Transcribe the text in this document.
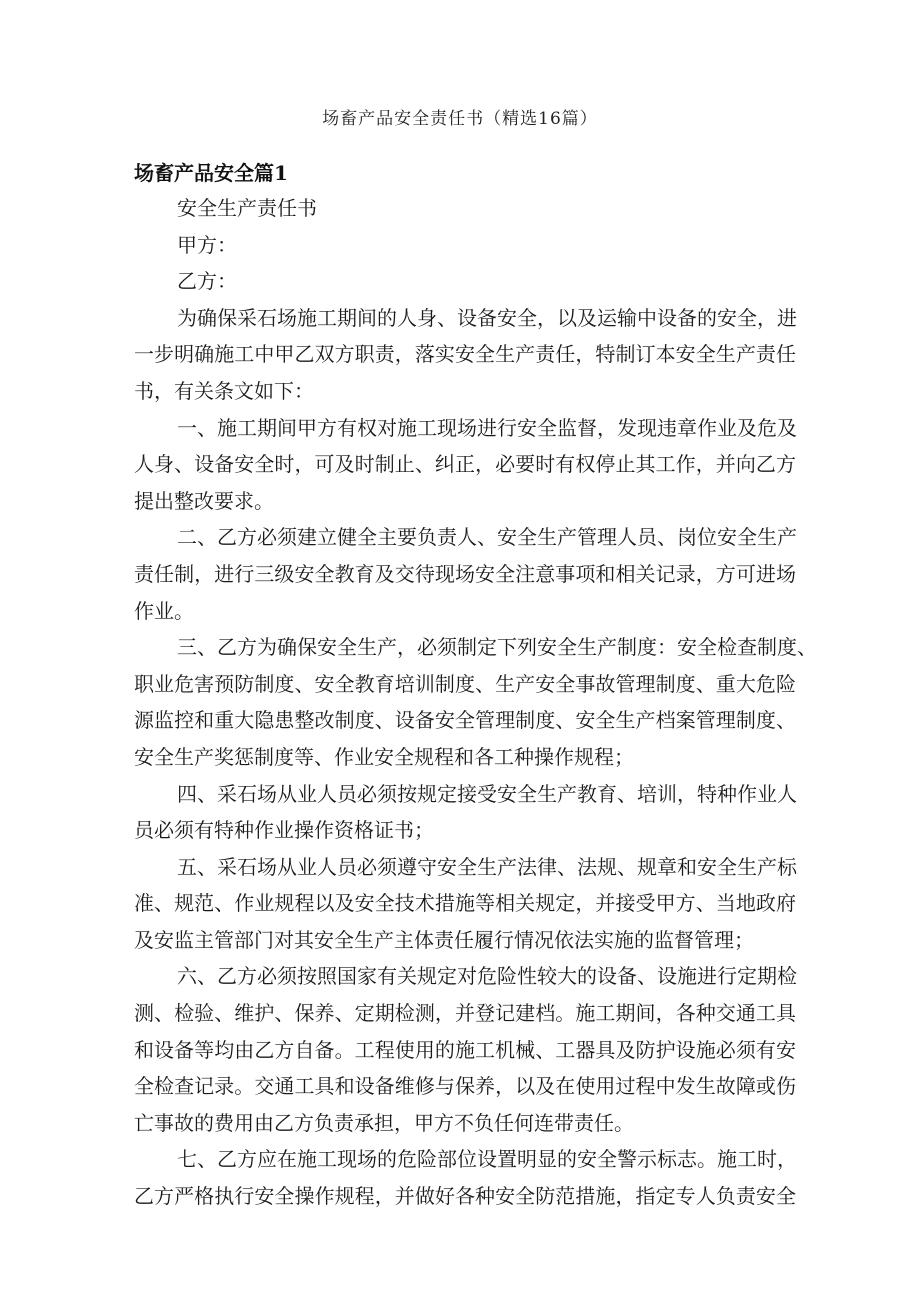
场畜产品安全责任书（精选16篇）
场畜产品安全篇1
安全生产责任书
甲方：
乙方：
为确保采石场施工期间的人身、设备安全，以及运输中设备的安全，进
一步明确施工中甲乙双方职责，落实安全生产责任，特制订本安全生产责任
书，有关条文如下：
一、施工期间甲方有权对施工现场进行安全监督，发现违章作业及危及
人身、设备安全时，可及时制止、纠正，必要时有权停止其工作，并向乙方
提出整改要求。
二、乙方必须建立健全主要负责人、安全生产管理人员、岗位安全生产
责任制，进行三级安全教育及交待现场安全注意事项和相关记录，方可进场
作业。
三、乙方为确保安全生产，必须制定下列安全生产制度：安全检查制度、
职业危害预防制度、安全教育培训制度、生产安全事故管理制度、重大危险
源监控和重大隐患整改制度、设备安全管理制度、安全生产档案管理制度、
安全生产奖惩制度等、作业安全规程和各工种操作规程；
四、采石场从业人员必须按规定接受安全生产教育、培训，特种作业人
员必须有特种作业操作资格证书；
五、采石场从业人员必须遵守安全生产法律、法规、规章和安全生产标
准、规范、作业规程以及安全技术措施等相关规定，并接受甲方、当地政府
及安监主管部门对其安全生产主体责任履行情况依法实施的监督管理；
六、乙方必须按照国家有关规定对危险性较大的设备、设施进行定期检
测、检验、维护、保养、定期检测，并登记建档。施工期间，各种交通工具
和设备等均由乙方自备。工程使用的施工机械、工器具及防护设施必须有安
全检查记录。交通工具和设备维修与保养，以及在使用过程中发生故障或伤
亡事故的费用由乙方负责承担，甲方不负任何连带责任。
七、乙方应在施工现场的危险部位设置明显的安全警示标志。施工时，
乙方严格执行安全操作规程，并做好各种安全防范措施，指定专人负责安全
